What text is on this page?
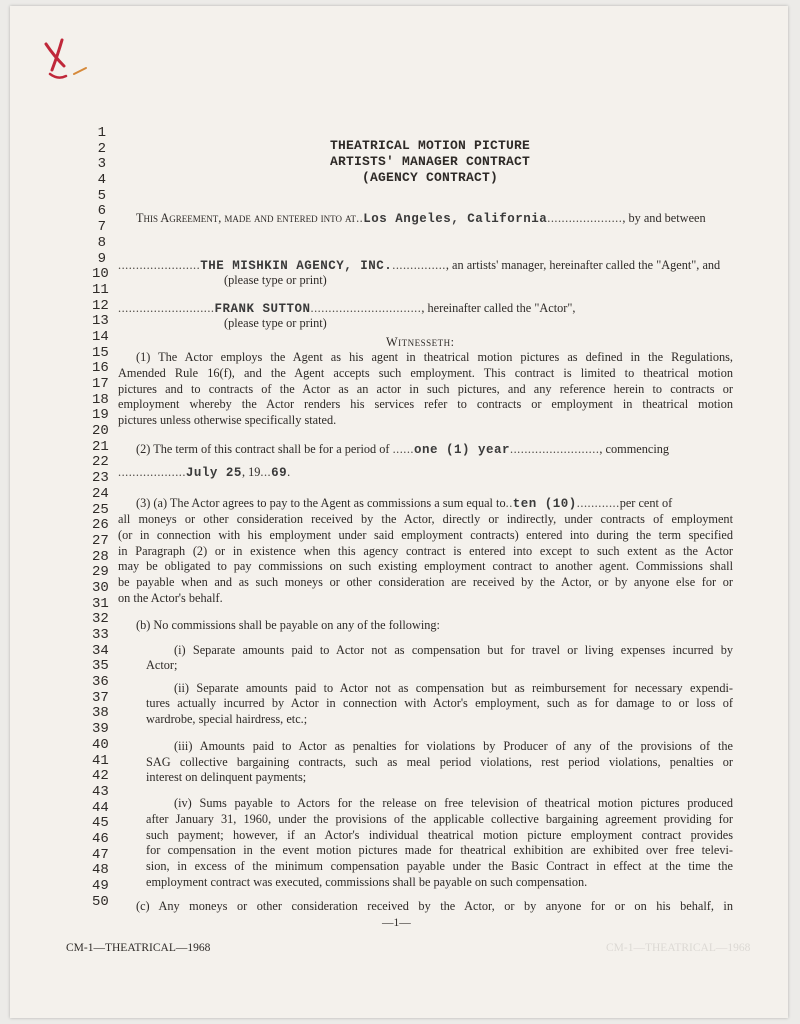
1
2
3
4
5
6
7
8
9
10
11
12
13
14
15
16
17
18
19
20
21
22
23
24
25
26
27
28
29
30
31
32
33
34
35
36
37
38
39
40
41
42
43
44
45
46
47
48
49
50
THEATRICAL MOTION PICTURE
ARTISTS' MANAGER CONTRACT
(AGENCY CONTRACT)
This Agreement, made and entered into at..Los Angeles, California....................., by and between
.......................THE MISHKIN AGENCY, INC................, an artists' manager, hereinafter called the "Agent", and
(please type or print)
...........................FRANK SUTTON..............................., hereinafter called the "Actor",
(please type or print)
Witnesseth:
(1) The Actor employs the Agent as his agent in theatrical motion pictures as defined in the Regulations,
Amended Rule 16(f), and the Agent accepts such employment. This contract is limited to theatrical motion
pictures and to contracts of the Actor as an actor in such pictures, and any reference herein to contracts or
employment whereby the Actor renders his services refer to contracts or employment in theatrical motion
pictures unless otherwise specifically stated.
(2) The term of this contract shall be for a period of ......one (1) year........................., commencing
...................July 25, 19...69.
(3) (a) The Actor agrees to pay to the Agent as commissions a sum equal to..ten (10)............per cent of
all moneys or other consideration received by the Actor, directly or indirectly, under contracts of employment
(or in connection with his employment under said employment contracts) entered into during the term specified
in Paragraph (2) or in existence when this agency contract is entered into except to such extent as the Actor
may be obligated to pay commissions on such existing employment contract to another agent. Commissions shall
be payable when and as such moneys or other consideration are received by the Actor, or by anyone else for or
on the Actor's behalf.
(b) No commissions shall be payable on any of the following:
(i) Separate amounts paid to Actor not as compensation but for travel or living expenses incurred by
Actor;
(ii) Separate amounts paid to Actor not as compensation but as reimbursement for necessary expendi-
tures actually incurred by Actor in connection with Actor's employment, such as for damage to or loss of
wardrobe, special hairdress, etc.;
(iii) Amounts paid to Actor as penalties for violations by Producer of any of the provisions of the
SAG collective bargaining contracts, such as meal period violations, rest period violations, penalties or
interest on delinquent payments;
(iv) Sums payable to Actors for the release on free television of theatrical motion pictures produced
after January 31, 1960, under the provisions of the applicable collective bargaining agreement providing for
such payment; however, if an Actor's individual theatrical motion picture employment contract provides
for compensation in the event motion pictures made for theatrical exhibition are exhibited over free televi-
sion, in excess of the minimum compensation payable under the Basic Contract in effect at the time the
employment contract was executed, commissions shall be payable on such compensation.
(c) Any moneys or other consideration received by the Actor, or by anyone for or on his behalf, in
—1—
CM-1—THEATRICAL—1968	CM-1—THEATRICAL—1968
